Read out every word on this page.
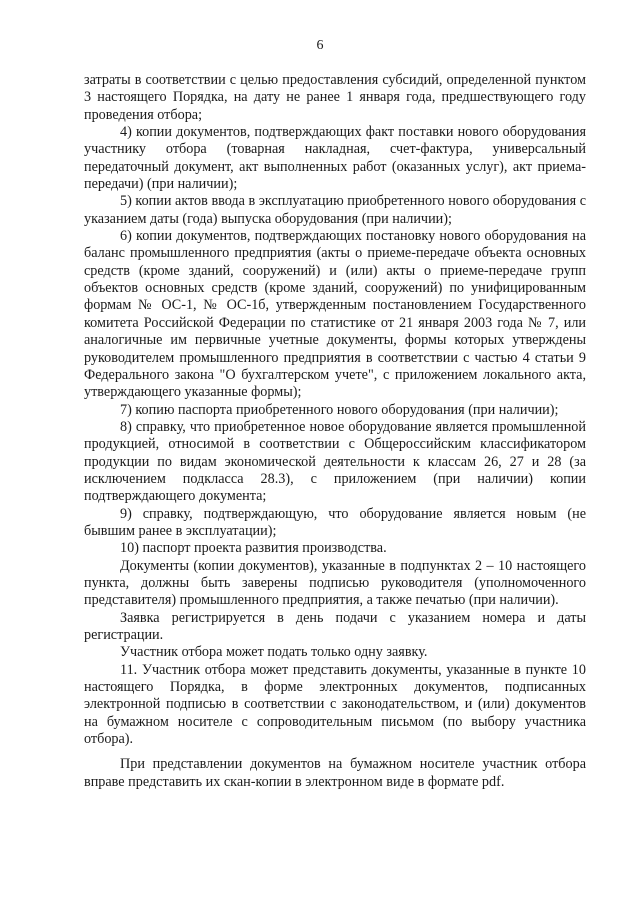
6

затраты в соответствии с целью предоставления субсидий, определенной пунктом 3 настоящего Порядка, на дату не ранее 1 января года, предшествующего году проведения отбора;

4) копии документов, подтверждающих факт поставки нового оборудования участнику отбора (товарная накладная, счет-фактура, универсальный передаточный документ, акт выполненных работ (оказанных услуг), акт приема-передачи) (при наличии);

5) копии актов ввода в эксплуатацию приобретенного нового оборудования с указанием даты (года) выпуска оборудования (при наличии);

6) копии документов, подтверждающих постановку нового оборудования на баланс промышленного предприятия (акты о приеме-передаче объекта основных средств (кроме зданий, сооружений) и (или) акты о приеме-передаче групп объектов основных средств (кроме зданий, сооружений) по унифицированным формам № ОС-1, № ОС-1б, утвержденным постановлением Государственного комитета Российской Федерации по статистике от 21 января 2003 года № 7, или аналогичные им первичные учетные документы, формы которых утверждены руководителем промышленного предприятия в соответствии с частью 4 статьи 9 Федерального закона "О бухгалтерском учете", с приложением локального акта, утверждающего указанные формы);

7) копию паспорта приобретенного нового оборудования (при наличии);

8) справку, что приобретенное новое оборудование является промышленной продукцией, относимой в соответствии с Общероссийским классификатором продукции по видам экономической деятельности к классам 26, 27 и 28 (за исключением подкласса 28.3), с приложением (при наличии) копии подтверждающего документа;

9) справку, подтверждающую, что оборудование является новым (не бывшим ранее в эксплуатации);

10) паспорт проекта развития производства.

Документы (копии документов), указанные в подпунктах 2 – 10 настоящего пункта, должны быть заверены подписью руководителя (уполномоченного представителя) промышленного предприятия, а также печатью (при наличии).

Заявка регистрируется в день подачи с указанием номера и даты регистрации.

Участник отбора может подать только одну заявку.

11. Участник отбора может представить документы, указанные в пункте 10 настоящего Порядка, в форме электронных документов, подписанных электронной подписью в соответствии с законодательством, и (или) документов на бумажном носителе с сопроводительным письмом (по выбору участника отбора).

При представлении документов на бумажном носителе участник отбора вправе представить их скан-копии в электронном виде в формате pdf.
